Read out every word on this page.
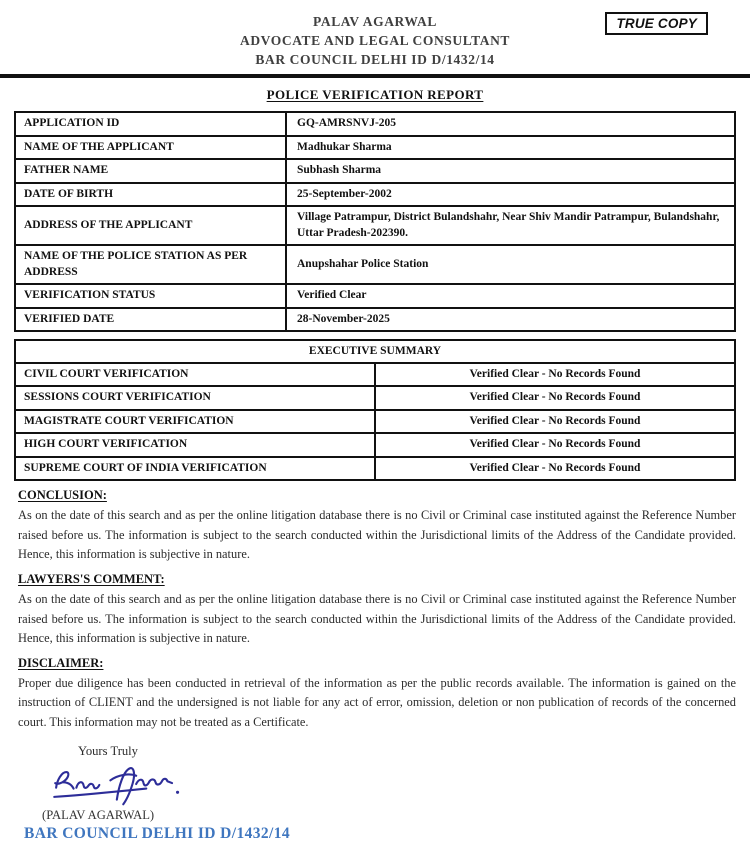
TRUE COPY
PALAV AGARWAL
ADVOCATE AND LEGAL CONSULTANT
BAR COUNCIL DELHI ID D/1432/14
POLICE VERIFICATION REPORT
APPLICATION ID	GQ-AMRSNVJ-205
NAME OF THE APPLICANT	Madhukar Sharma
FATHER NAME	Subhash Sharma
DATE OF BIRTH	25-September-2002
ADDRESS OF THE APPLICANT	Village Patrampur, District Bulandshahr, Near Shiv Mandir Patrampur, Bulandshahr, Uttar Pradesh-202390.
NAME OF THE POLICE STATION AS PER ADDRESS	Anupshahar Police Station
VERIFICATION STATUS	Verified Clear
VERIFIED DATE	28-November-2025
EXECUTIVE SUMMARY	
CIVIL COURT VERIFICATION	Verified Clear - No Records Found
SESSIONS COURT VERIFICATION	Verified Clear - No Records Found
MAGISTRATE COURT VERIFICATION	Verified Clear - No Records Found
HIGH COURT VERIFICATION	Verified Clear - No Records Found
SUPREME COURT OF INDIA VERIFICATION	Verified Clear - No Records Found
CONCLUSION:
As on the date of this search and as per the online litigation database there is no Civil or Criminal case instituted against the Reference Number raised before us. The information is subject to the search conducted within the Jurisdictional limits of the Address of the Candidate provided. Hence, this information is subjective in nature.
LAWYERS'S COMMENT:
As on the date of this search and as per the online litigation database there is no Civil or Criminal case instituted against the Reference Number raised before us. The information is subject to the search conducted within the Jurisdictional limits of the Address of the Candidate provided. Hence, this information is subjective in nature.
DISCLAIMER:
Proper due diligence has been conducted in retrieval of the information as per the public records available. The information is gained on the instruction of CLIENT and the undersigned is not liable for any act of error, omission, deletion or non publication of records of the concerned court. This information may not be treated as a Certificate.
Yours Truly
(PALAV AGARWAL)
BAR COUNCIL DELHI ID D/1432/14
